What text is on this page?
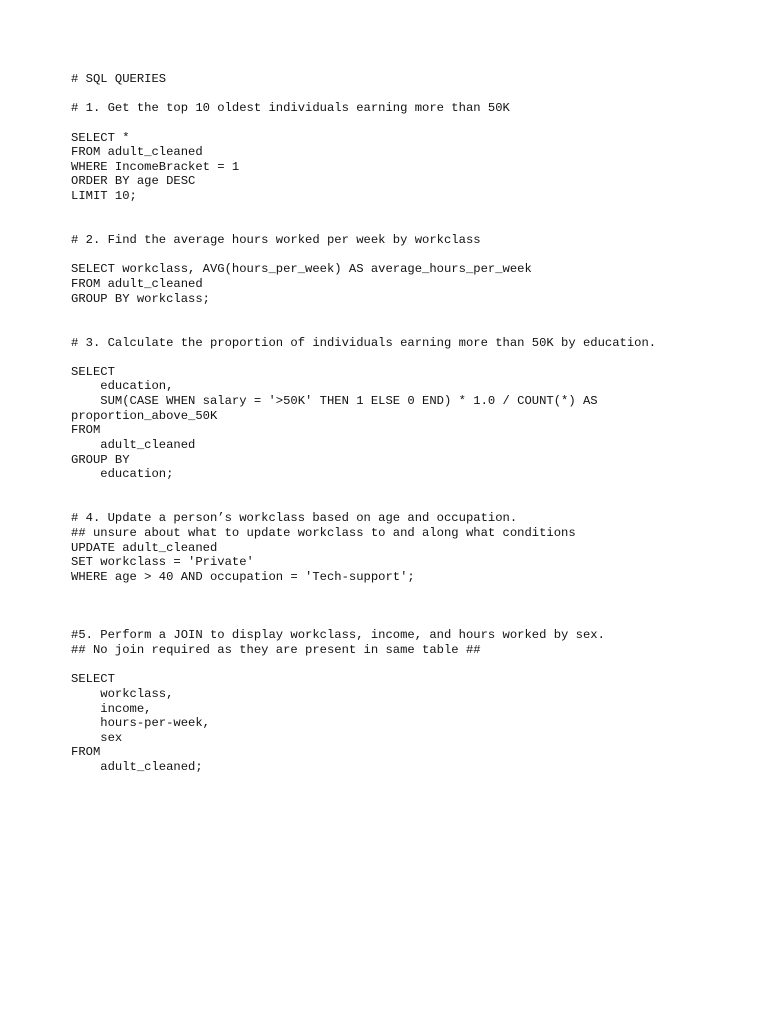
# SQL QUERIES
# 1. Get the top 10 oldest individuals earning more than 50K
SELECT *
FROM adult_cleaned
WHERE IncomeBracket = 1
ORDER BY age DESC
LIMIT 10;
# 2. Find the average hours worked per week by workclass
SELECT workclass, AVG(hours_per_week) AS average_hours_per_week
FROM adult_cleaned
GROUP BY workclass;
# 3. Calculate the proportion of individuals earning more than 50K by education.
SELECT
education,
SUM(CASE WHEN salary = '>50K' THEN 1 ELSE 0 END) * 1.0 / COUNT(*) AS
proportion_above_50K
FROM
adult_cleaned
GROUP BY
education;
# 4. Update a person’s workclass based on age and occupation.
## unsure about what to update workclass to and along what conditions
UPDATE adult_cleaned
SET workclass = 'Private'
WHERE age > 40 AND occupation = 'Tech-support';
#5. Perform a JOIN to display workclass, income, and hours worked by sex.
## No join required as they are present in same table ##
SELECT
workclass,
income,
hours-per-week,
sex
FROM
adult_cleaned;
